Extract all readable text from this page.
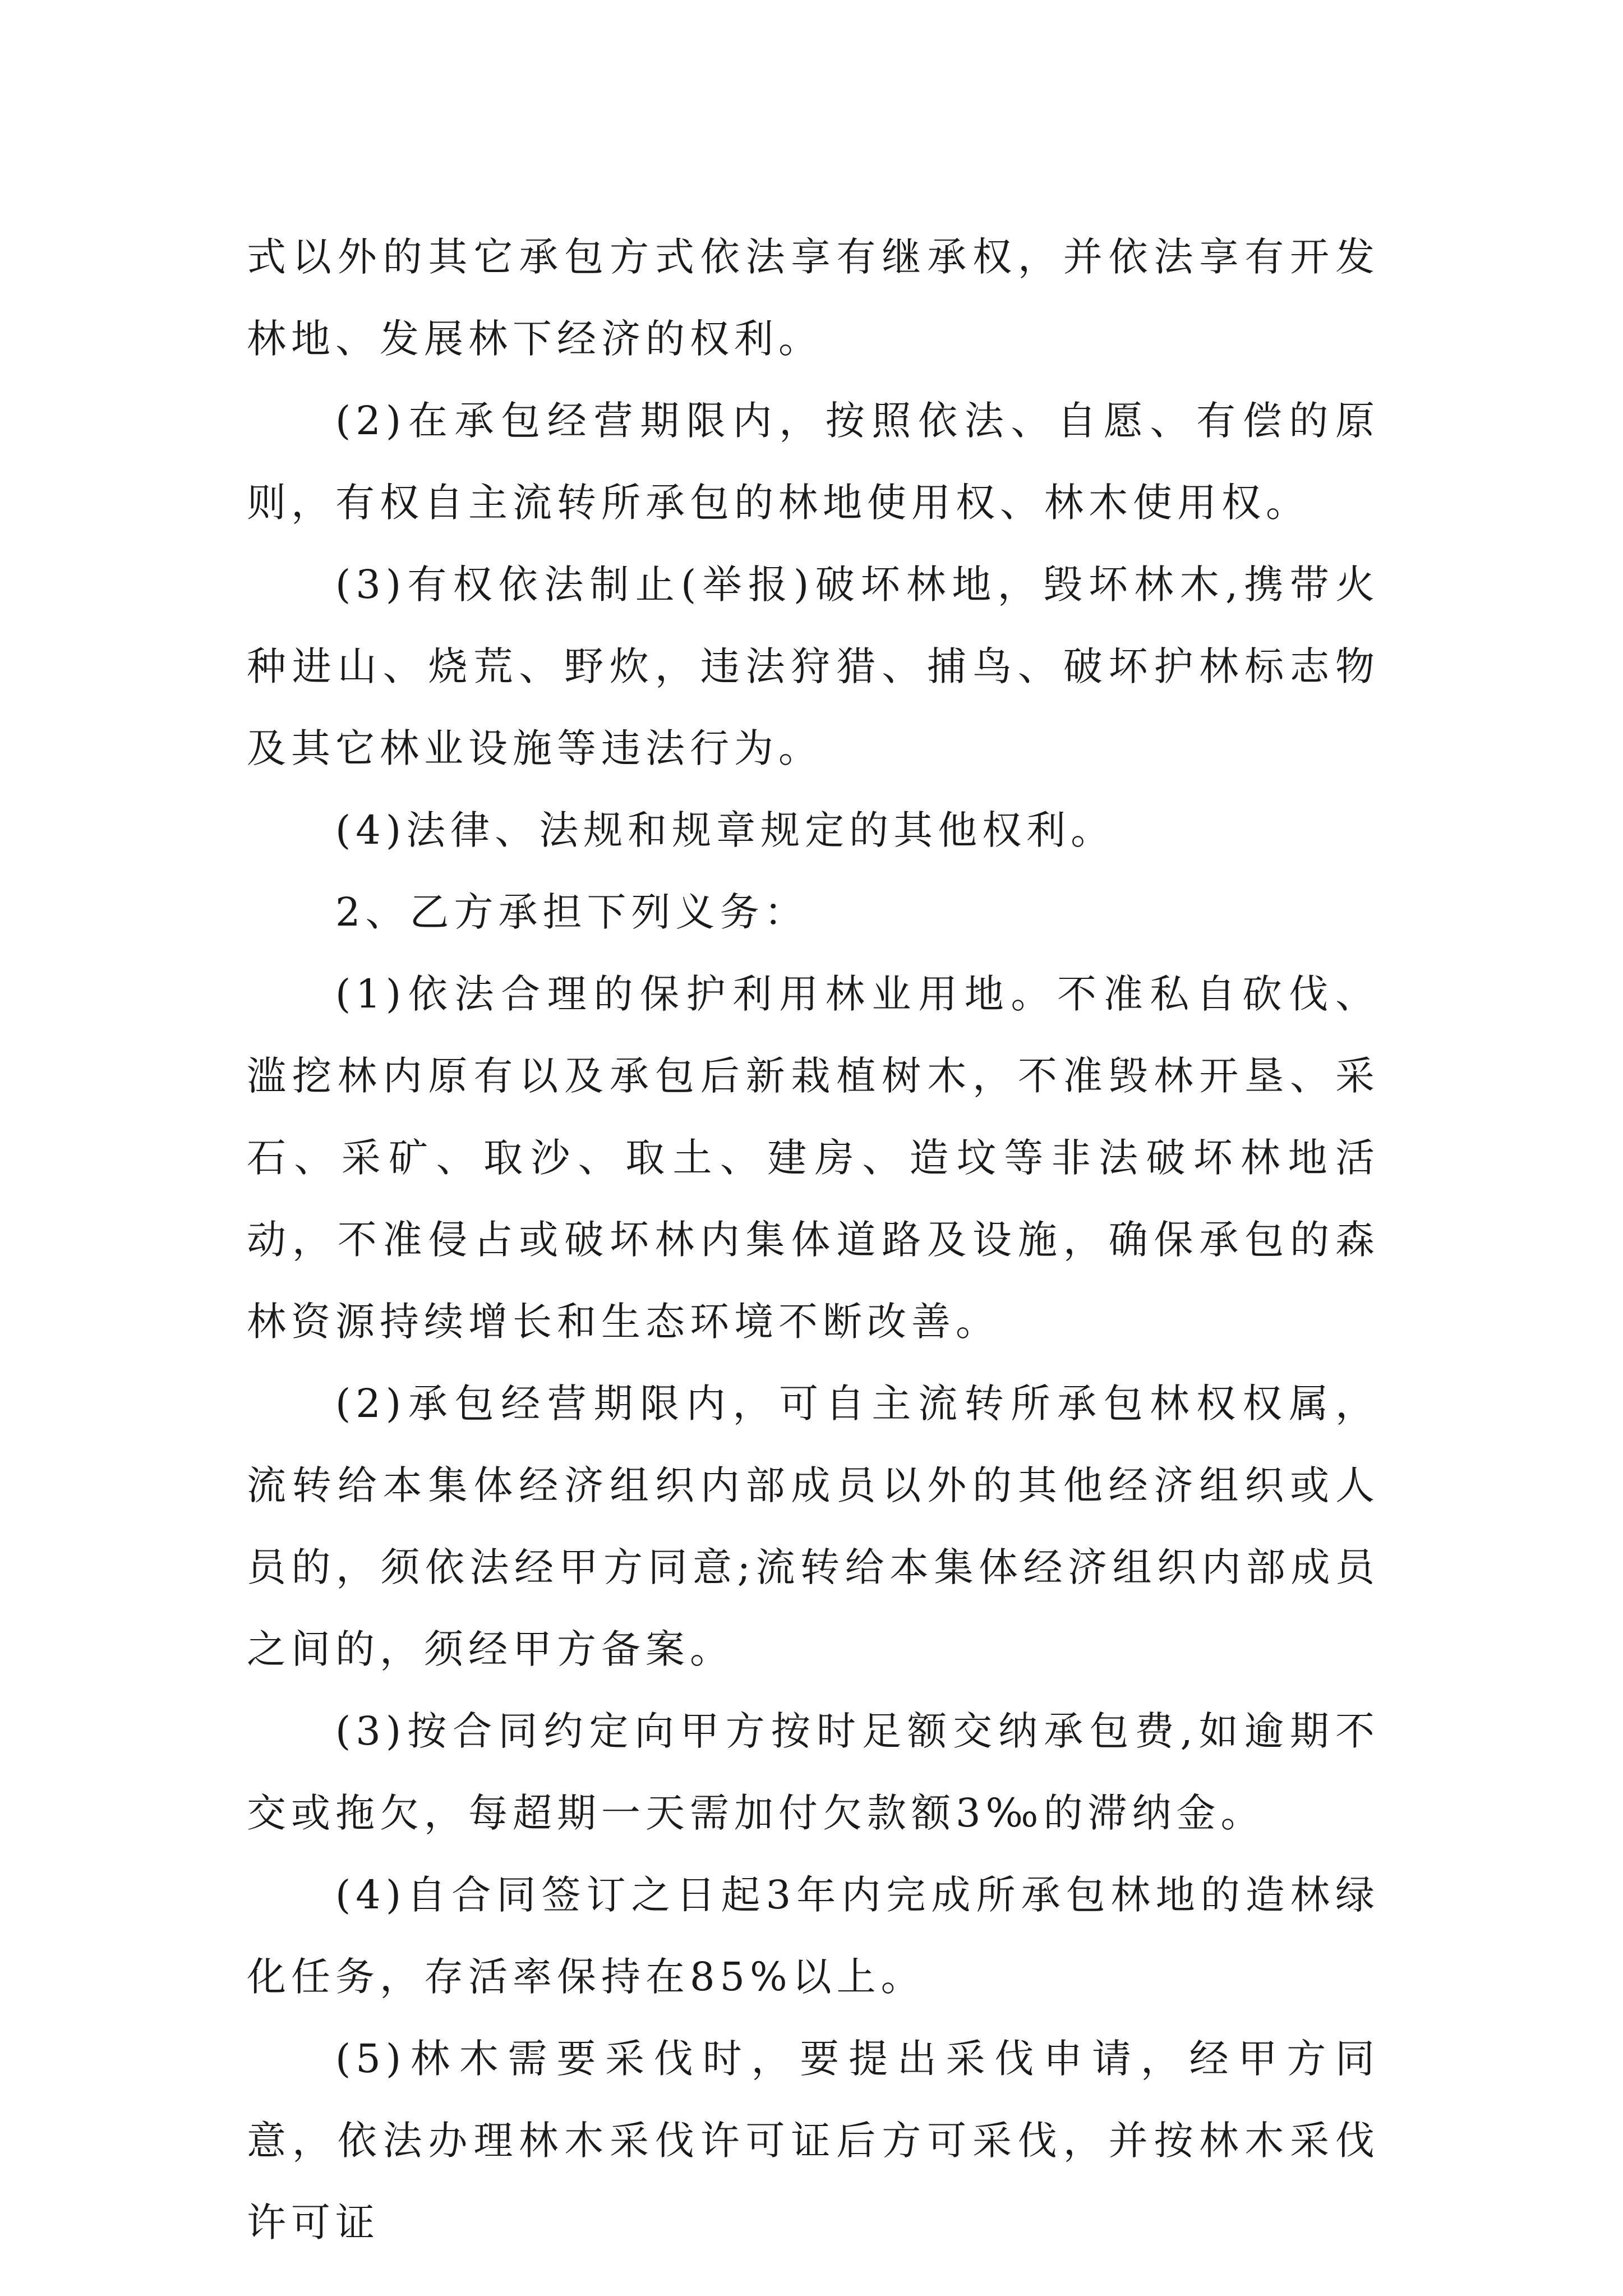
式以外的其它承包方式依法享有继承权，并依法享有开发林地、发展林下经济的权利。

(2)在承包经营期限内，按照依法、自愿、有偿的原则，有权自主流转所承包的林地使用权、林木使用权。

(3)有权依法制止(举报)破坏林地，毁坏林木,携带火种进山、烧荒、野炊，违法狩猎、捕鸟、破坏护林标志物及其它林业设施等违法行为。

(4)法律、法规和规章规定的其他权利。

2、乙方承担下列义务：

(1)依法合理的保护利用林业用地。不准私自砍伐、滥挖林内原有以及承包后新栽植树木，不准毁林开垦、采石、采矿、取沙、取土、建房、造坟等非法破坏林地活动，不准侵占或破坏林内集体道路及设施，确保承包的森林资源持续增长和生态环境不断改善。

(2)承包经营期限内，可自主流转所承包林权权属，流转给本集体经济组织内部成员以外的其他经济组织或人员的，须依法经甲方同意;流转给本集体经济组织内部成员之间的，须经甲方备案。

(3)按合同约定向甲方按时足额交纳承包费,如逾期不交或拖欠，每超期一天需加付欠款额3‰的滞纳金。

(4)自合同签订之日起3年内完成所承包林地的造林绿化任务，存活率保持在85%以上。

(5)林木需要采伐时，要提出采伐申请，经甲方同意，依法办理林木采伐许可证后方可采伐，并按林木采伐许可证
